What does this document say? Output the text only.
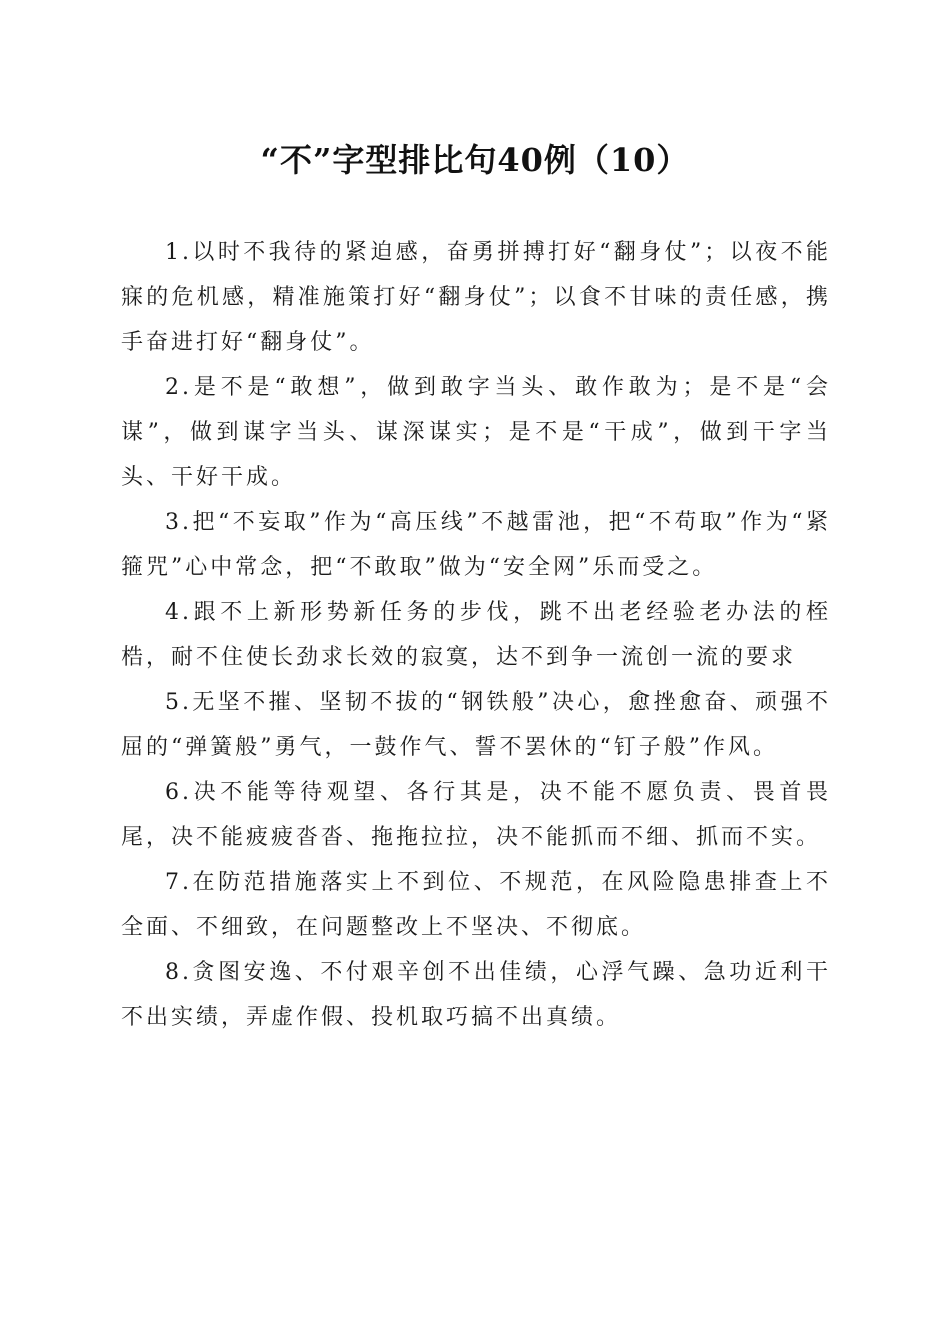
“不”字型排比句40例（10）

1.以时不我待的紧迫感，奋勇拼搏打好“翻身仗”；以夜不能寐的危机感，精准施策打好“翻身仗”；以食不甘味的责任感，携手奋进打好“翻身仗”。

2.是不是“敢想”，做到敢字当头、敢作敢为；是不是“会谋”，做到谋字当头、谋深谋实；是不是“干成”，做到干字当头、干好干成。

3.把“不妄取”作为“高压线”不越雷池，把“不苟取”作为“紧箍咒”心中常念，把“不敢取”做为“安全网”乐而受之。

4.跟不上新形势新任务的步伐，跳不出老经验老办法的桎梏，耐不住使长劲求长效的寂寞，达不到争一流创一流的要求

5.无坚不摧、坚韧不拔的“钢铁般”决心，愈挫愈奋、顽强不屈的“弹簧般”勇气，一鼓作气、誓不罢休的“钉子般”作风。

6.决不能等待观望、各行其是，决不能不愿负责、畏首畏尾，决不能疲疲沓沓、拖拖拉拉，决不能抓而不细、抓而不实。

7.在防范措施落实上不到位、不规范，在风险隐患排查上不全面、不细致，在问题整改上不坚决、不彻底。

8.贪图安逸、不付艰辛创不出佳绩，心浮气躁、急功近利干不出实绩，弄虚作假、投机取巧搞不出真绩。
